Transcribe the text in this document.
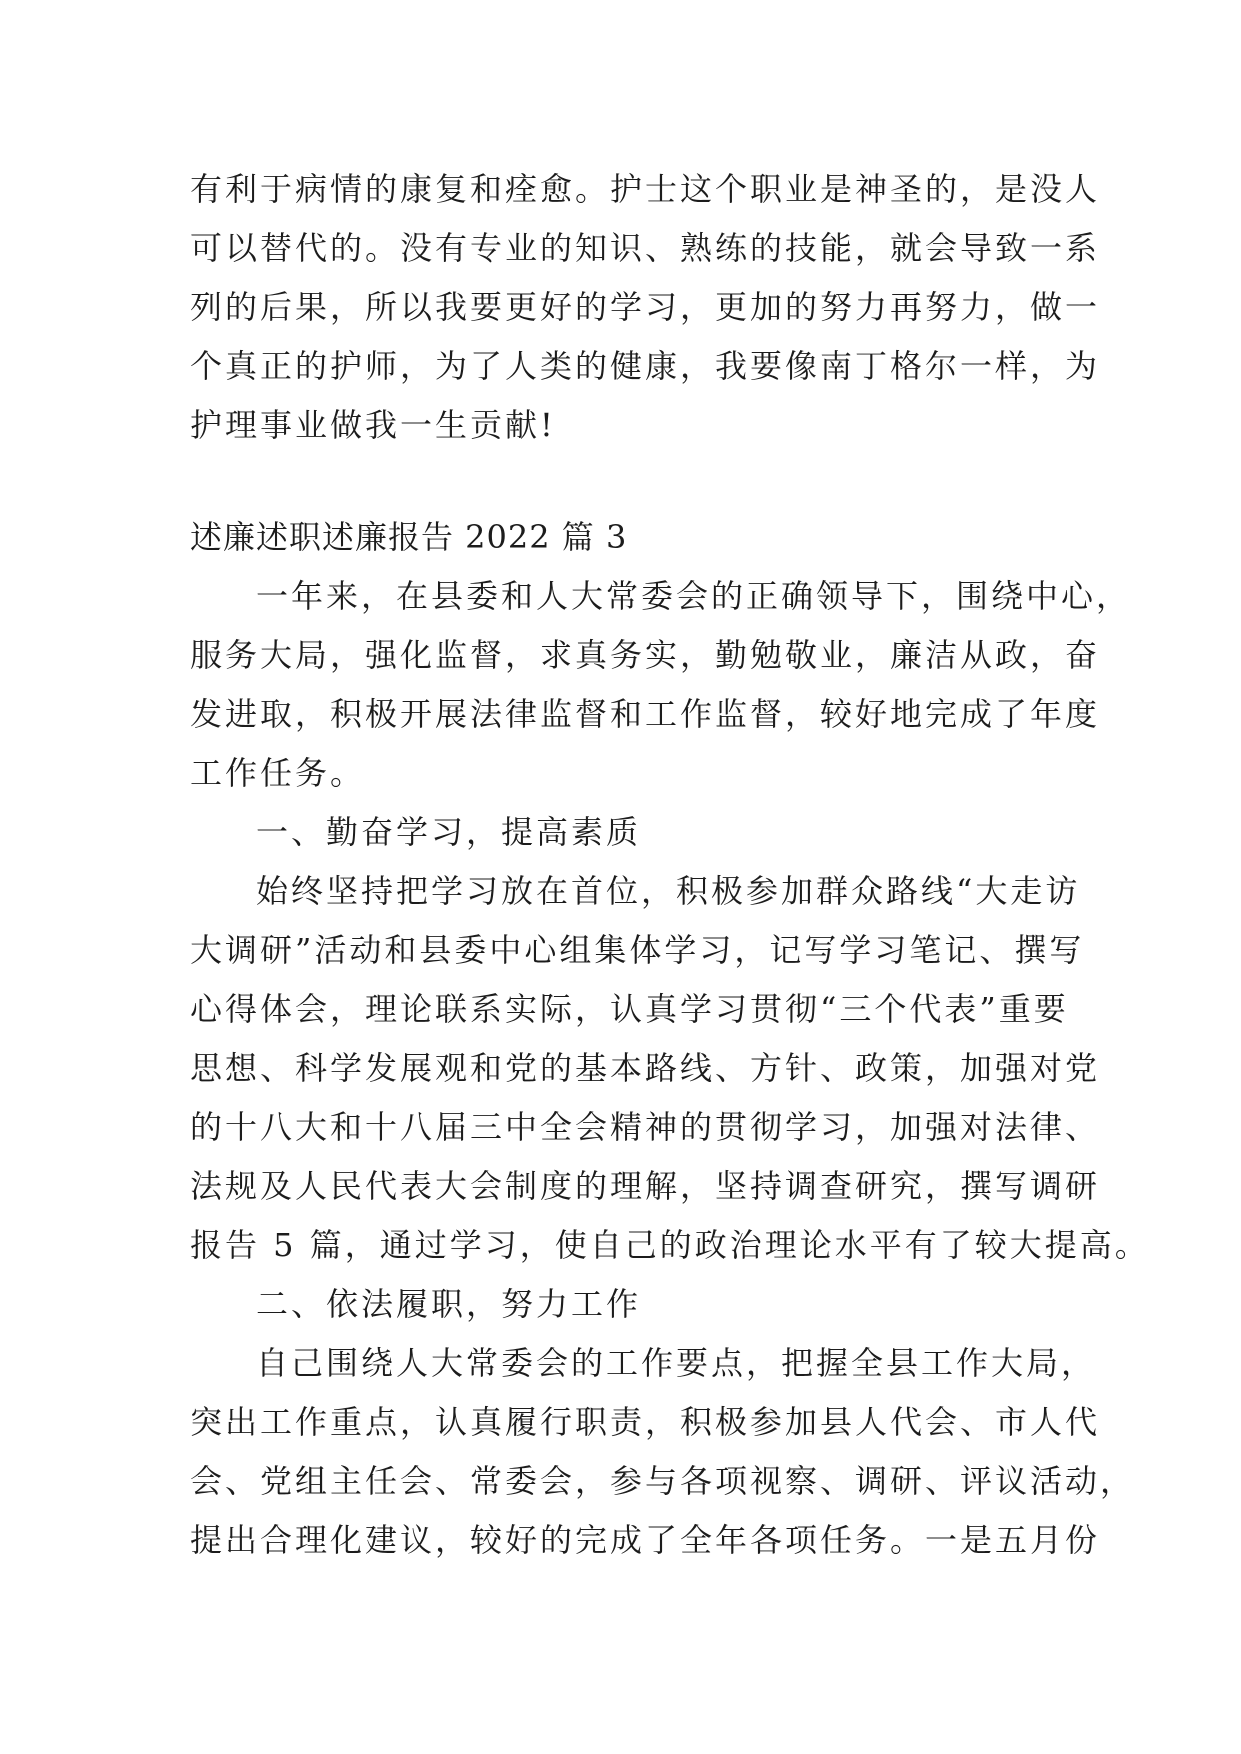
有利于病情的康复和痊愈。护士这个职业是神圣的，是没人
可以替代的。没有专业的知识、熟练的技能，就会导致一系
列的后果，所以我要更好的学习，更加的努力再努力，做一
个真正的护师，为了人类的健康，我要像南丁格尔一样，为
护理事业做我一生贡献!
述廉述职述廉报告 2022 篇 3
一年来，在县委和人大常委会的正确领导下，围绕中心，
服务大局，强化监督，求真务实，勤勉敬业，廉洁从政，奋
发进取，积极开展法律监督和工作监督，较好地完成了年度
工作任务。
一、勤奋学习，提高素质
始终坚持把学习放在首位，积极参加群众路线“大走访
大调研”活动和县委中心组集体学习，记写学习笔记、撰写
心得体会，理论联系实际，认真学习贯彻“三个代表”重要
思想、科学发展观和党的基本路线、方针、政策，加强对党
的十八大和十八届三中全会精神的贯彻学习，加强对法律、
法规及人民代表大会制度的理解，坚持调查研究，撰写调研
报告 5 篇，通过学习，使自己的政治理论水平有了较大提高。
二、依法履职，努力工作
自己围绕人大常委会的工作要点，把握全县工作大局，
突出工作重点，认真履行职责，积极参加县人代会、市人代
会、党组主任会、常委会，参与各项视察、调研、评议活动，
提出合理化建议，较好的完成了全年各项任务。一是五月份
